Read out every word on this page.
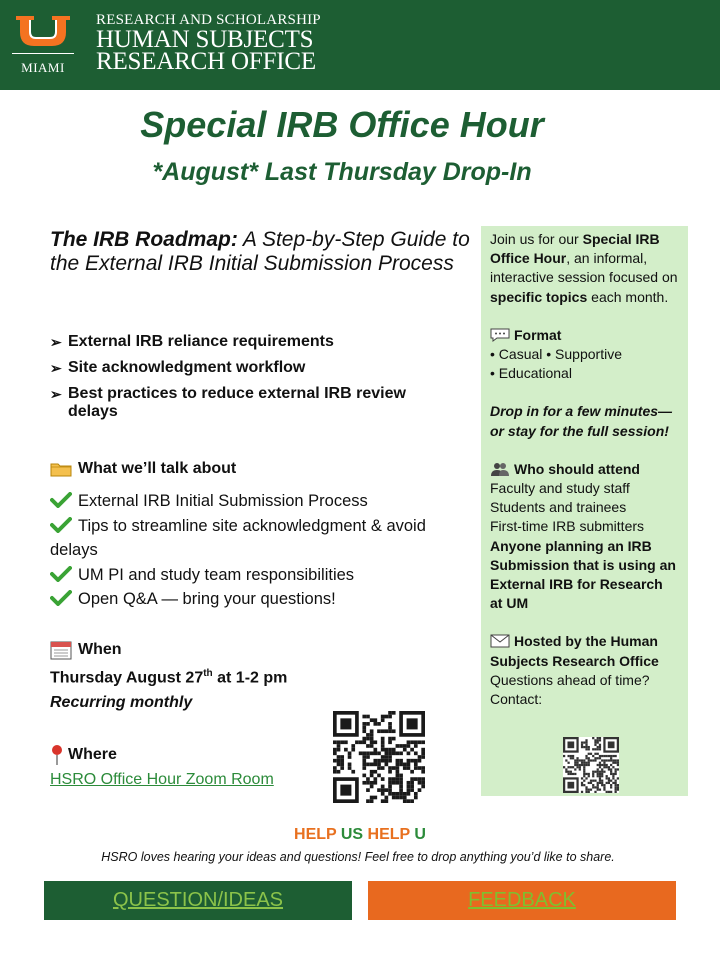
MIAMI
RESEARCH AND SCHOLARSHIP
HUMAN SUBJECTS
RESEARCH OFFICE
Special IRB Office Hour
*August* Last Thursday Drop-In
The IRB Roadmap: A Step-by-Step Guide to the External IRB Initial Submission Process
➢ External IRB reliance requirements
➢ Site acknowledgment workflow
➢ Best practices to reduce external IRB review delays
What we’ll talk about
External IRB Initial Submission Process
Tips to streamline site acknowledgment & avoid delays
UM PI and study team responsibilities
Open Q&A — bring your questions!
When
Thursday August 27th at 1-2 pm
Recurring monthly
Where
HSRO Office Hour Zoom Room
Join us for our Special IRB Office Hour, an informal, interactive session focused on specific topics each month.
Format
• Casual • Supportive
• Educational
Drop in for a few minutes—or stay for the full session!
Who should attend
Faculty and study staff
Students and trainees
First-time IRB submitters
Anyone planning an IRB Submission that is using an External IRB for Research at UM
Hosted by the Human Subjects Research Office
Questions ahead of time?
Contact:
HELP US HELP U
HSRO loves hearing your ideas and questions! Feel free to drop anything you’d like to share.
QUESTION/IDEAS	FEEDBACK
